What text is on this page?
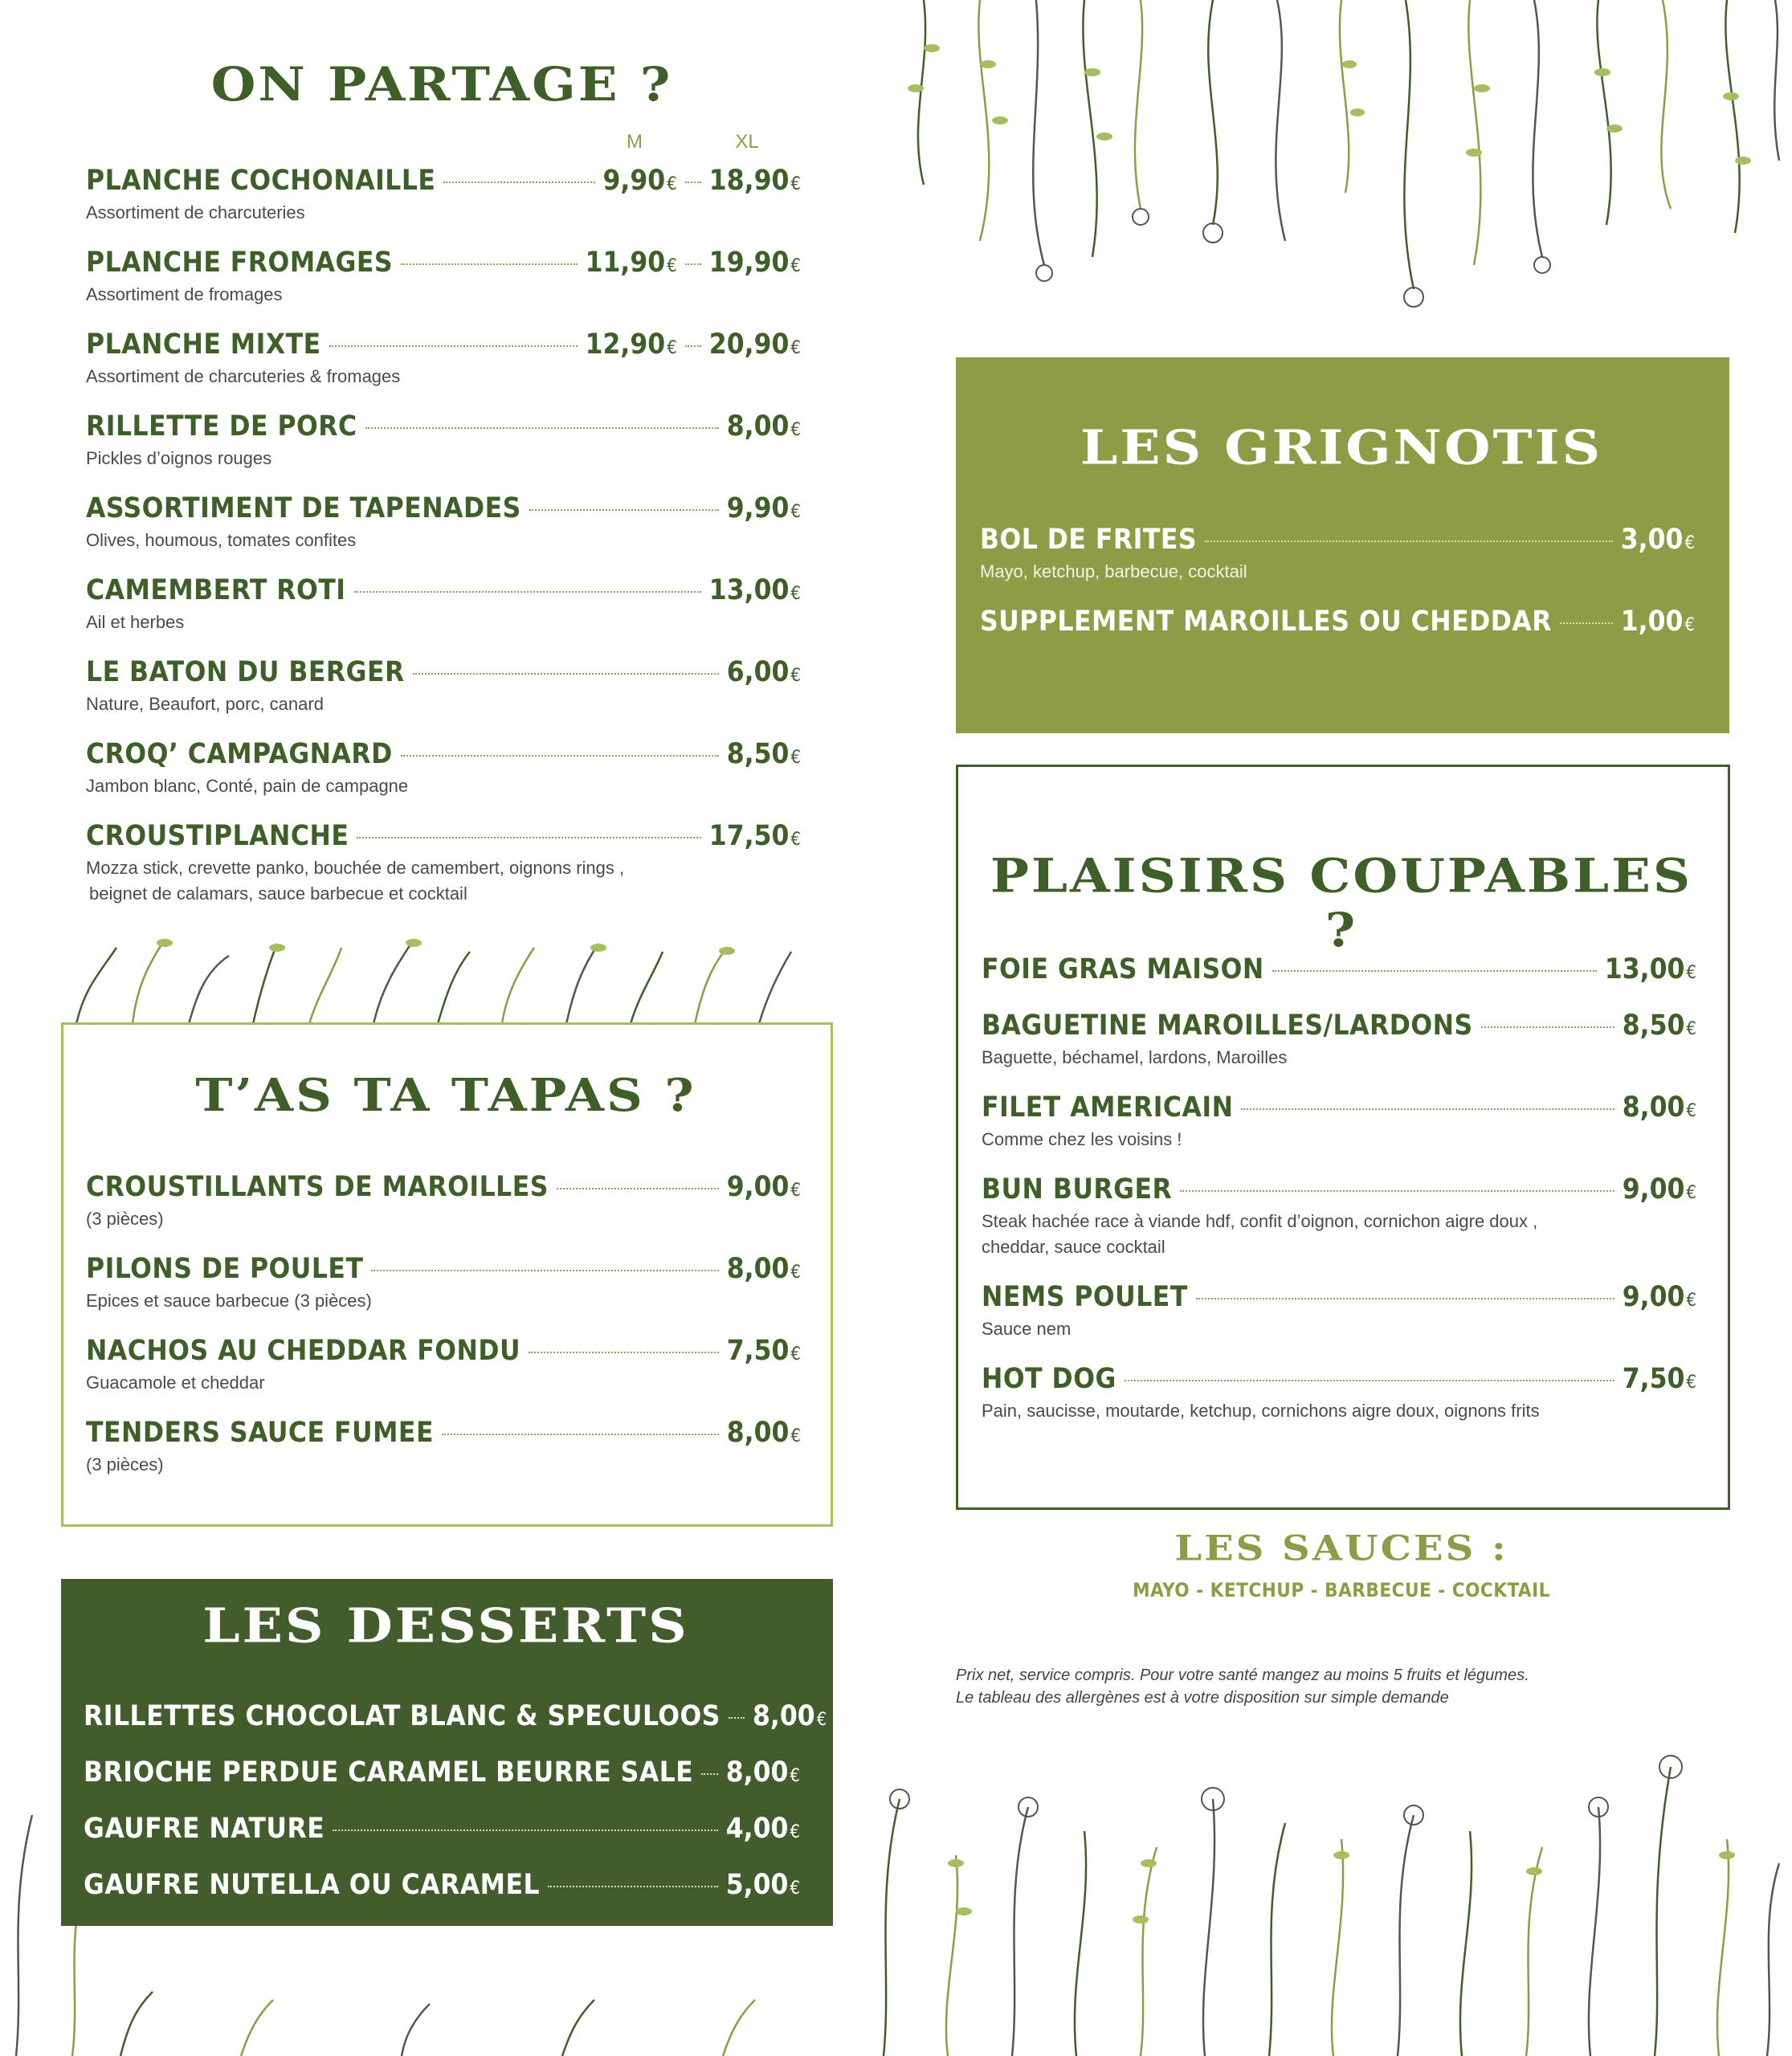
ON PARTAGE ?
M	XL
PLANCHE COCHONAILLE	9,90€ 18,90€
Assortiment de charcuteries
PLANCHE FROMAGES	11,90€ 19,90€
Assortiment de fromages
PLANCHE MIXTE	12,90€ 20,90€
Assortiment de charcuteries & fromages
RILLETTE DE PORC	8,00€
Pickles d’oignos rouges
ASSORTIMENT DE TAPENADES	9,90€
Olives, houmous, tomates confites
CAMEMBERT ROTI	13,00€
Ail et herbes
LE BATON DU BERGER	6,00€
Nature, Beaufort, porc, canard
CROQ’ CAMPAGNARD	8,50€
Jambon blanc, Conté, pain de campagne
CROUSTIPLANCHE	17,50€
Mozza stick, crevette panko, bouchée de camembert, oignons rings ,
beignet de calamars, sauce barbecue et cocktail
T’AS TA TAPAS ?
CROUSTILLANTS DE MAROILLES	9,00€
(3 pièces)
PILONS DE POULET	8,00€
Epices et sauce barbecue (3 pièces)
NACHOS AU CHEDDAR FONDU	7,50€
Guacamole et cheddar
TENDERS SAUCE FUMEE	8,00€
(3 pièces)
LES DESSERTS
RILLETTES CHOCOLAT BLANC & SPECULOOS 8,00€
BRIOCHE PERDUE CARAMEL BEURRE SALE 8,00€
GAUFRE NATURE	4,00€
GAUFRE NUTELLA OU CARAMEL	5,00€
LES GRIGNOTIS
BOL DE FRITES	3,00€
Mayo, ketchup, barbecue, cocktail
SUPPLEMENT MAROILLES OU CHEDDAR 1,00€
PLAISIRS COUPABLES ?
FOIE GRAS MAISON	13,00€
BAGUETINE MAROILLES/LARDONS	8,50€
Baguette, béchamel, lardons, Maroilles
FILET AMERICAIN	8,00€
Comme chez les voisins !
BUN BURGER	9,00€
Steak hachée race à viande hdf, confit d’oignon, cornichon aigre doux ,
cheddar, sauce cocktail
NEMS POULET	9,00€
Sauce nem
HOT DOG	7,50€
Pain, saucisse, moutarde, ketchup, cornichons aigre doux, oignons frits
LES SAUCES :
MAYO - KETCHUP - BARBECUE - COCKTAIL
Prix net, service compris. Pour votre santé mangez au moins 5 fruits et légumes.
Le tableau des allergènes est à votre disposition sur simple demande
